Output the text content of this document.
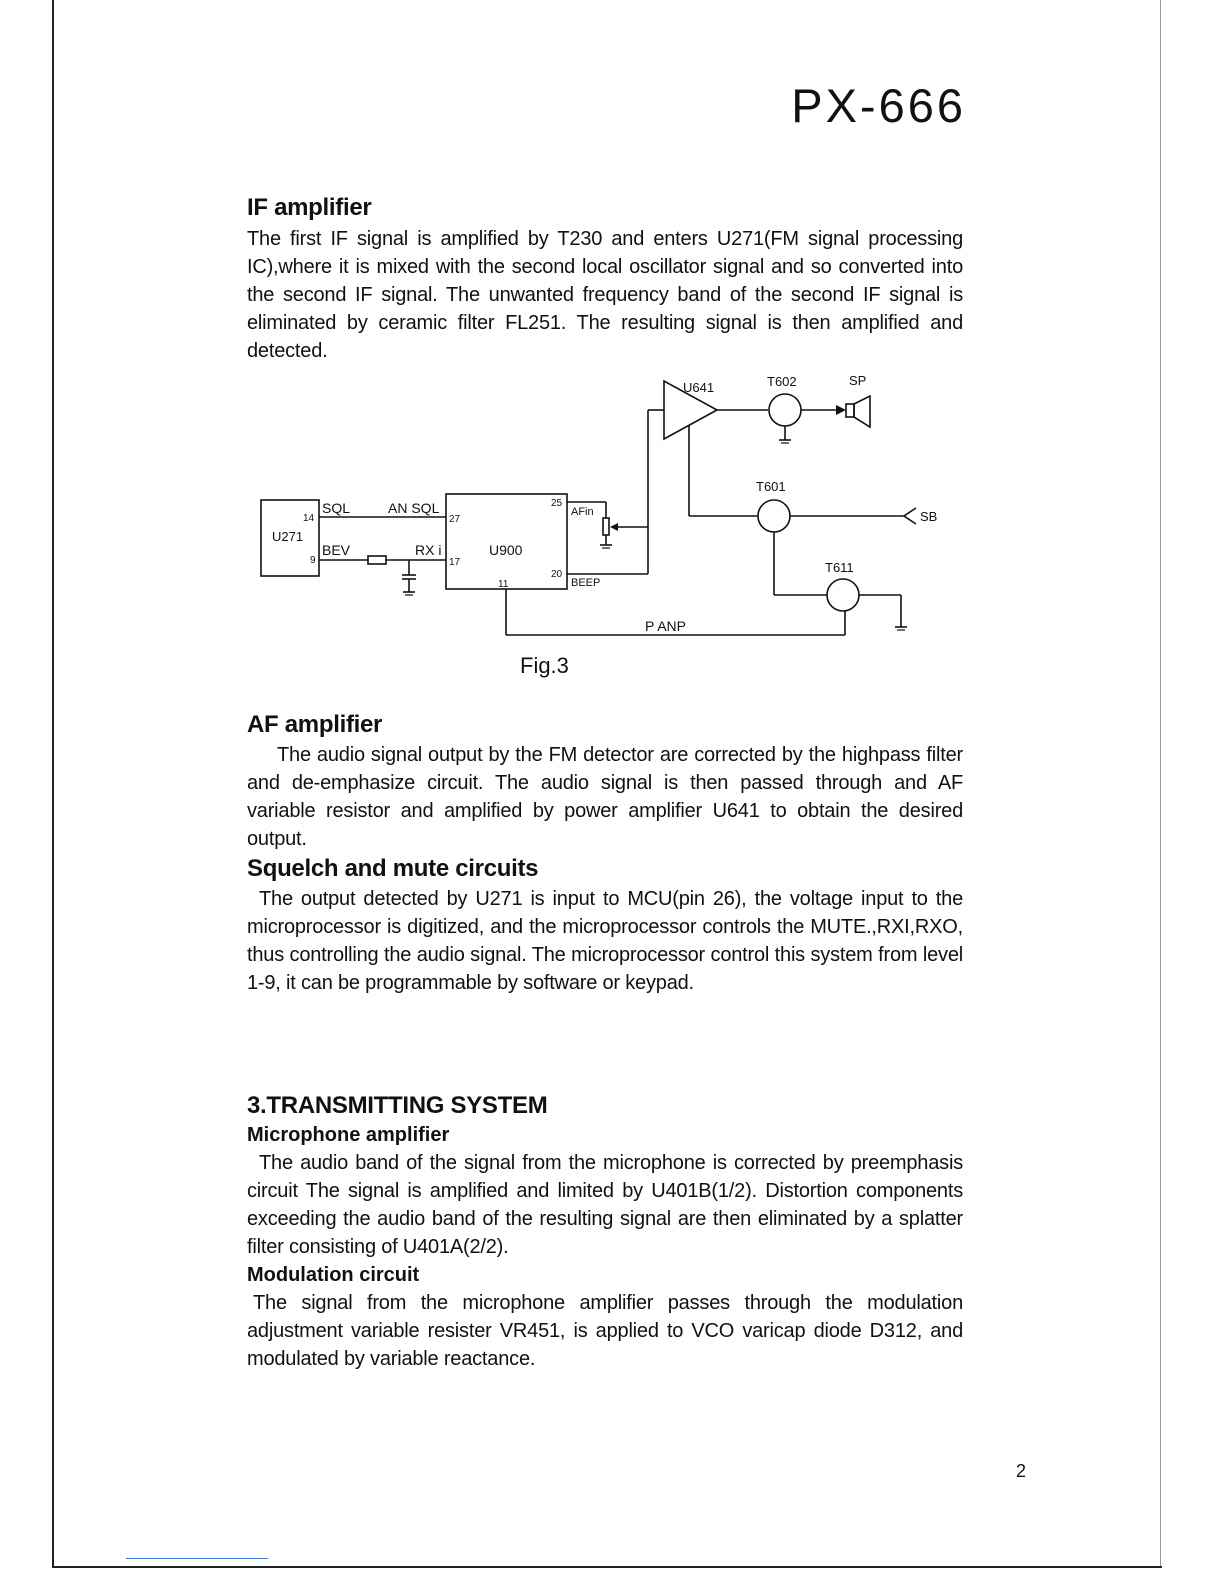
PX-666
IF amplifier

The first IF signal is amplified by T230 and enters U271(FM signal processing IC),where it is mixed with the second local oscillator signal and so converted into the second IF signal. The unwanted frequency band of the second IF signal is eliminated by ceramic filter FL251. The resulting signal is then amplified and detected.

U271
14
9
SQL
BEV
AN SQL
RX i	U900
27
17
25
20
11
AFin
BEEP
U641	T602	SP
T601
SB
T611
P ANP
Fig.3
AF amplifier

The audio signal output by the FM detector are corrected by the highpass filter and de-emphasize circuit. The audio signal is then passed through and AF variable resistor and amplified by power amplifier U641 to obtain the desired output.

Squelch and mute circuits

The output detected by U271 is input to MCU(pin 26), the voltage input to the microprocessor is digitized, and the microprocessor controls the MUTE.,RXI,RXO, thus controlling the audio signal. The microprocessor control this system from level 1-9, it can be programmable by software or keypad.

3.TRANSMITTING SYSTEM
Microphone amplifier

The audio band of the signal from the microphone is corrected by preemphasis circuit The signal is amplified and limited by U401B(1/2). Distortion components exceeding the audio band of the resulting signal are then eliminated by a splatter filter consisting of U401A(2/2).

Modulation circuit

The signal from the microphone amplifier passes through the modulation adjustment variable resister VR451, is applied to VCO varicap diode D312, and modulated by variable reactance.

2
